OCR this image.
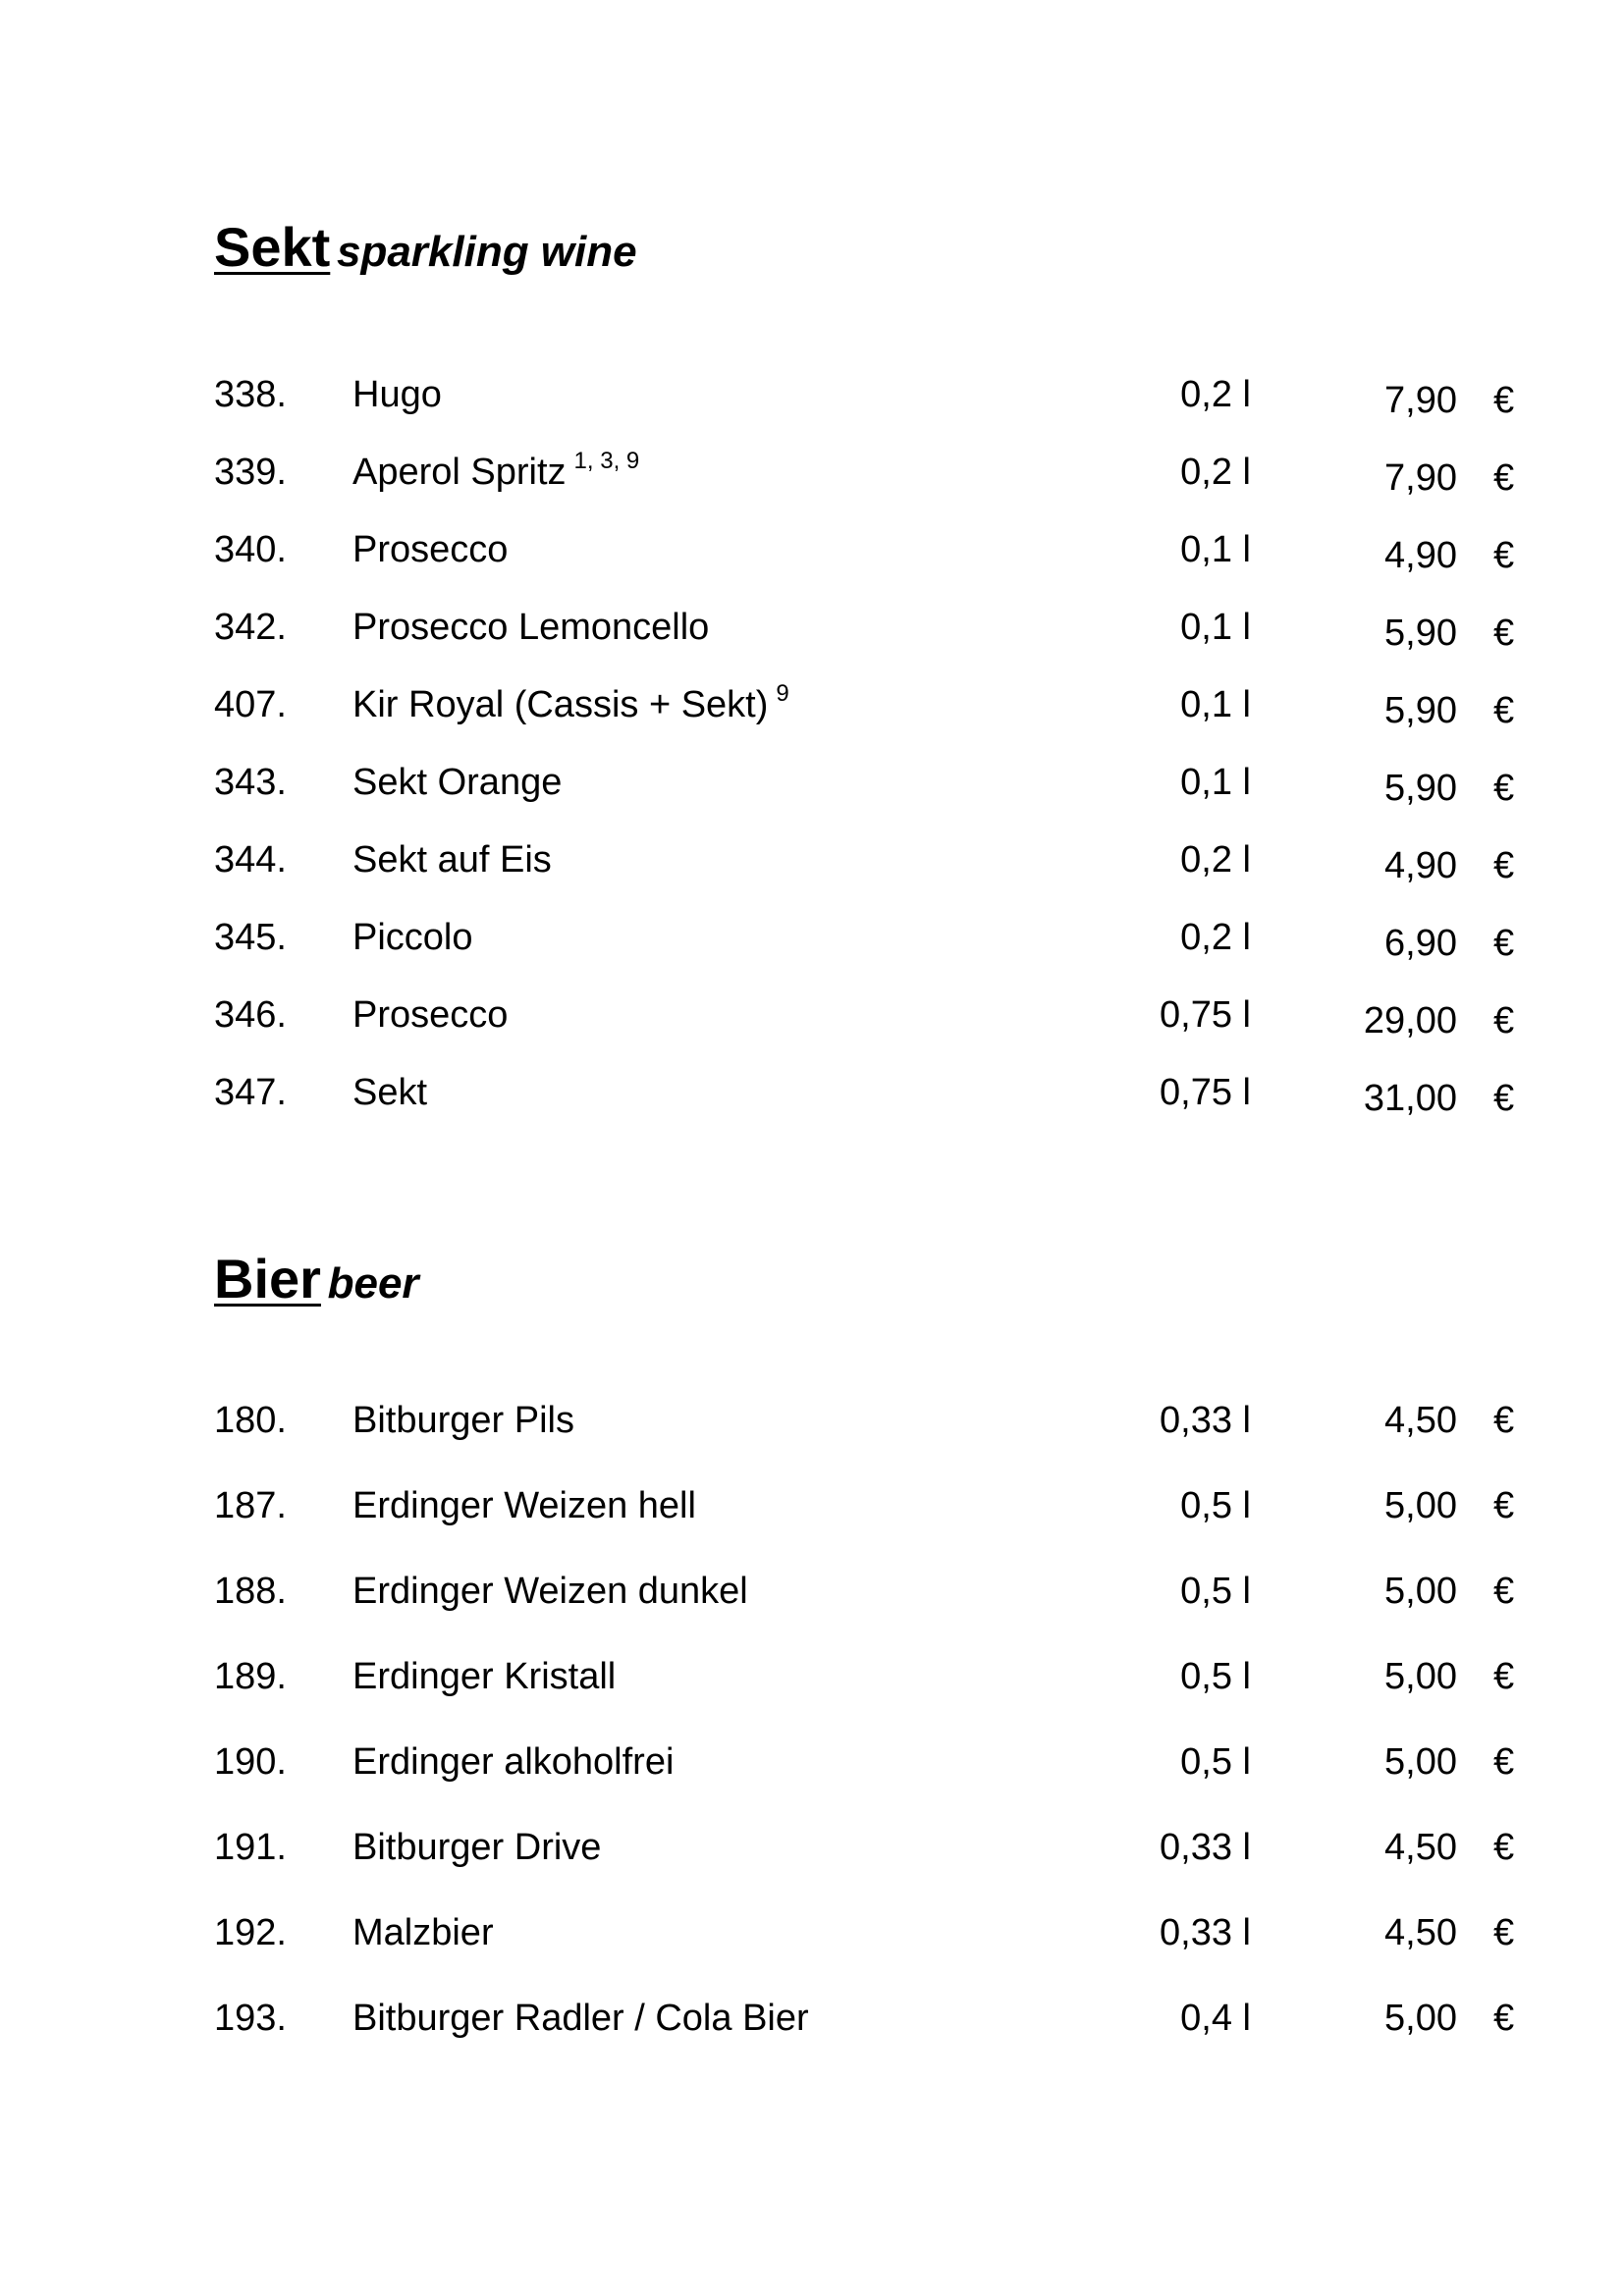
Sekt sparkling wine
338. Hugo	0,2 l	7,90 €
339. Aperol Spritz $^{1, 3, 9}$	0,2 l	7,90 €
340. Prosecco	0,1 l	4,90 €
342. Prosecco Lemoncello	0,1 l	5,90 €
407. Kir Royal (Cassis + Sekt) $^9$	0,1 l	5,90 €
343. Sekt Orange	0,1 l	5,90 €
344. Sekt auf Eis	0,2 l	4,90 €
345. Piccolo	0,2 l	6,90 €
346. Prosecco	0,75 l	29,00 €
347. Sekt	0,75 l	31,00 €
Bier beer
180. Bitburger Pils	0,33 l	4,50 €
187. Erdinger Weizen hell	0,5 l	5,00 €
188. Erdinger Weizen dunkel	0,5 l	5,00 €
189. Erdinger Kristall	0,5 l	5,00 €
190. Erdinger alkoholfrei	0,5 l	5,00 €
191. Bitburger Drive	0,33 l	4,50 €
192. Malzbier	0,33 l	4,50 €
193. Bitburger Radler / Cola Bier	0,4 l	5,00 €
